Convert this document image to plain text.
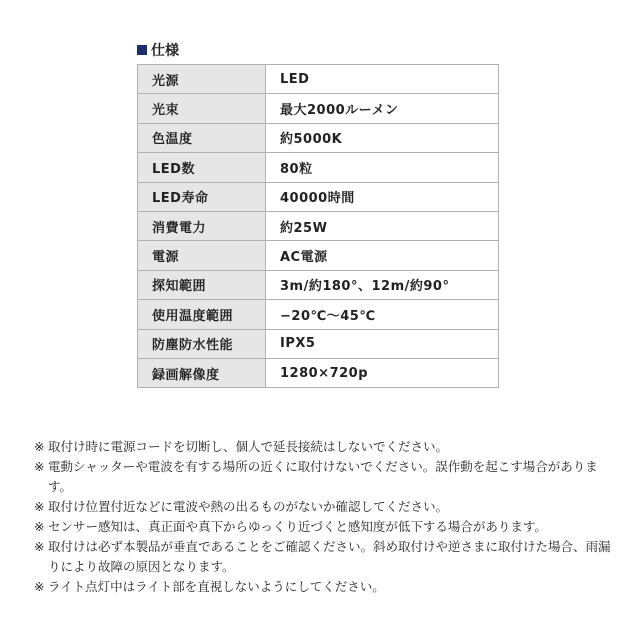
仕様
光源	LED
光束	最大2000ルーメン
色温度	約5000K
LED数	80粒
LED寿命	40000時間
消費電力	約25W
電源	AC電源
探知範囲	3m/約180°、12m/約90°
使用温度範囲	−20℃〜45℃
防塵防水性能	IPX5
録画解像度	1280×720p
※ 取付け時に電源コードを切断し、個人で延長接続はしないでください。
※ 電動シャッターや電波を有する場所の近くに取付けないでください。誤作動を起こす場合があります。
※ 取付け位置付近などに電波や熱の出るものがないか確認してください。
※ センサー感知は、真正面や真下からゆっくり近づくと感知度が低下する場合があります。
※ 取付けは必ず本製品が垂直であることをご確認ください。斜め取付けや逆さまに取付けた場合、雨漏りにより故障の原因となります。
※ ライト点灯中はライト部を直視しないようにしてください。
